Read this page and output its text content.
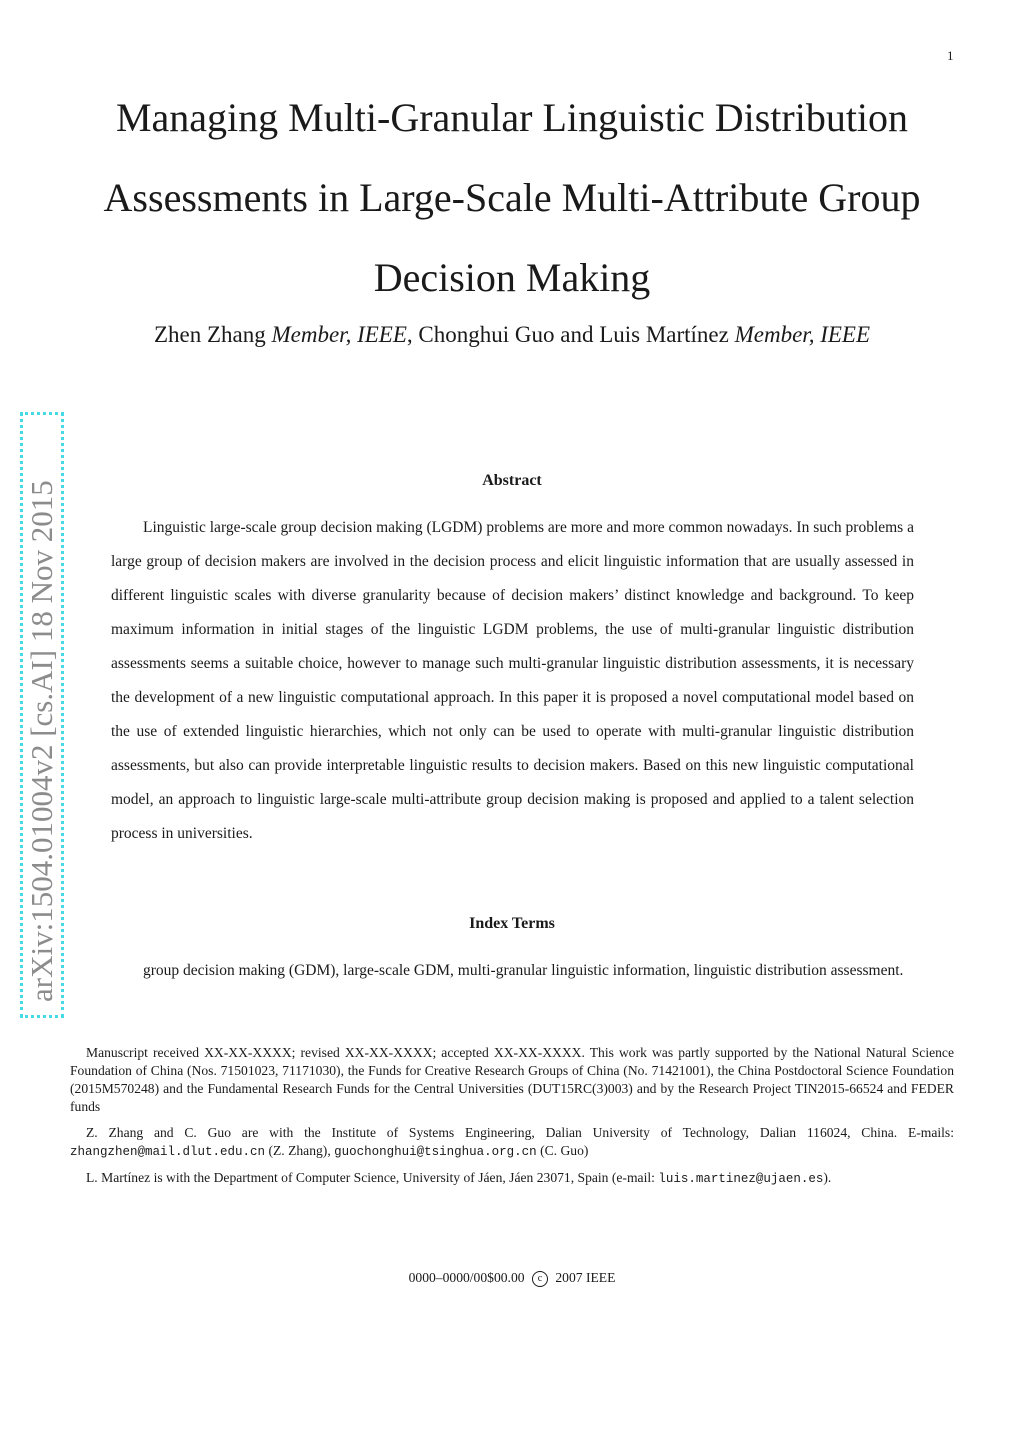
1

Managing Multi-Granular Linguistic Distribution

Assessments in Large-Scale Multi-Attribute Group

Decision Making

Zhen Zhang Member, IEEE, Chonghui Guo and Luis Martínez Member, IEEE
arXiv:1504.01004v2 [cs.AI] 18 Nov 2015	Abstract

Linguistic large-scale group decision making (LGDM) problems are more and more common nowadays. In such problems a large group of decision makers are involved in the decision process and elicit linguistic information that are usually assessed in different linguistic scales with diverse granularity because of decision makers’ distinct knowledge and background. To keep maximum information in initial stages of the linguistic LGDM problems, the use of multi-granular linguistic distribution assessments seems a suitable choice, however to manage such multi-granular linguistic distribution assessments, it is necessary the development of a new linguistic computational approach. In this paper it is proposed a novel computational model based on the use of extended linguistic hierarchies, which not only can be used to operate with multi-granular linguistic distribution assessments, but also can provide interpretable linguistic results to decision makers. Based on this new linguistic computational model, an approach to linguistic large-scale multi-attribute group decision making is proposed and applied to a talent selection process in universities.

Index Terms

group decision making (GDM), large-scale GDM, multi-granular linguistic information, linguistic distribution assessment.

Manuscript received XX-XX-XXXX; revised XX-XX-XXXX; accepted XX-XX-XXXX. This work was partly supported by the National Natural Science Foundation of China (Nos. 71501023, 71171030), the Funds for Creative Research Groups of China (No. 71421001), the China Postdoctoral Science Foundation (2015M570248) and the Fundamental Research Funds for the Central Universities (DUT15RC(3)003) and by the Research Project TIN2015-66524 and FEDER funds

Z. Zhang and C. Guo are with the Institute of Systems Engineering, Dalian University of Technology, Dalian 116024, China. E-mails: zhangzhen@mail.dlut.edu.cn (Z. Zhang), guochonghui@tsinghua.org.cn (C. Guo)

L. Martínez is with the Department of Computer Science, University of Jáen, Jáen 23071, Spain (e-mail: luis.martinez@ujaen.es).

0000–0000/00$00.00 c 2007 IEEE
